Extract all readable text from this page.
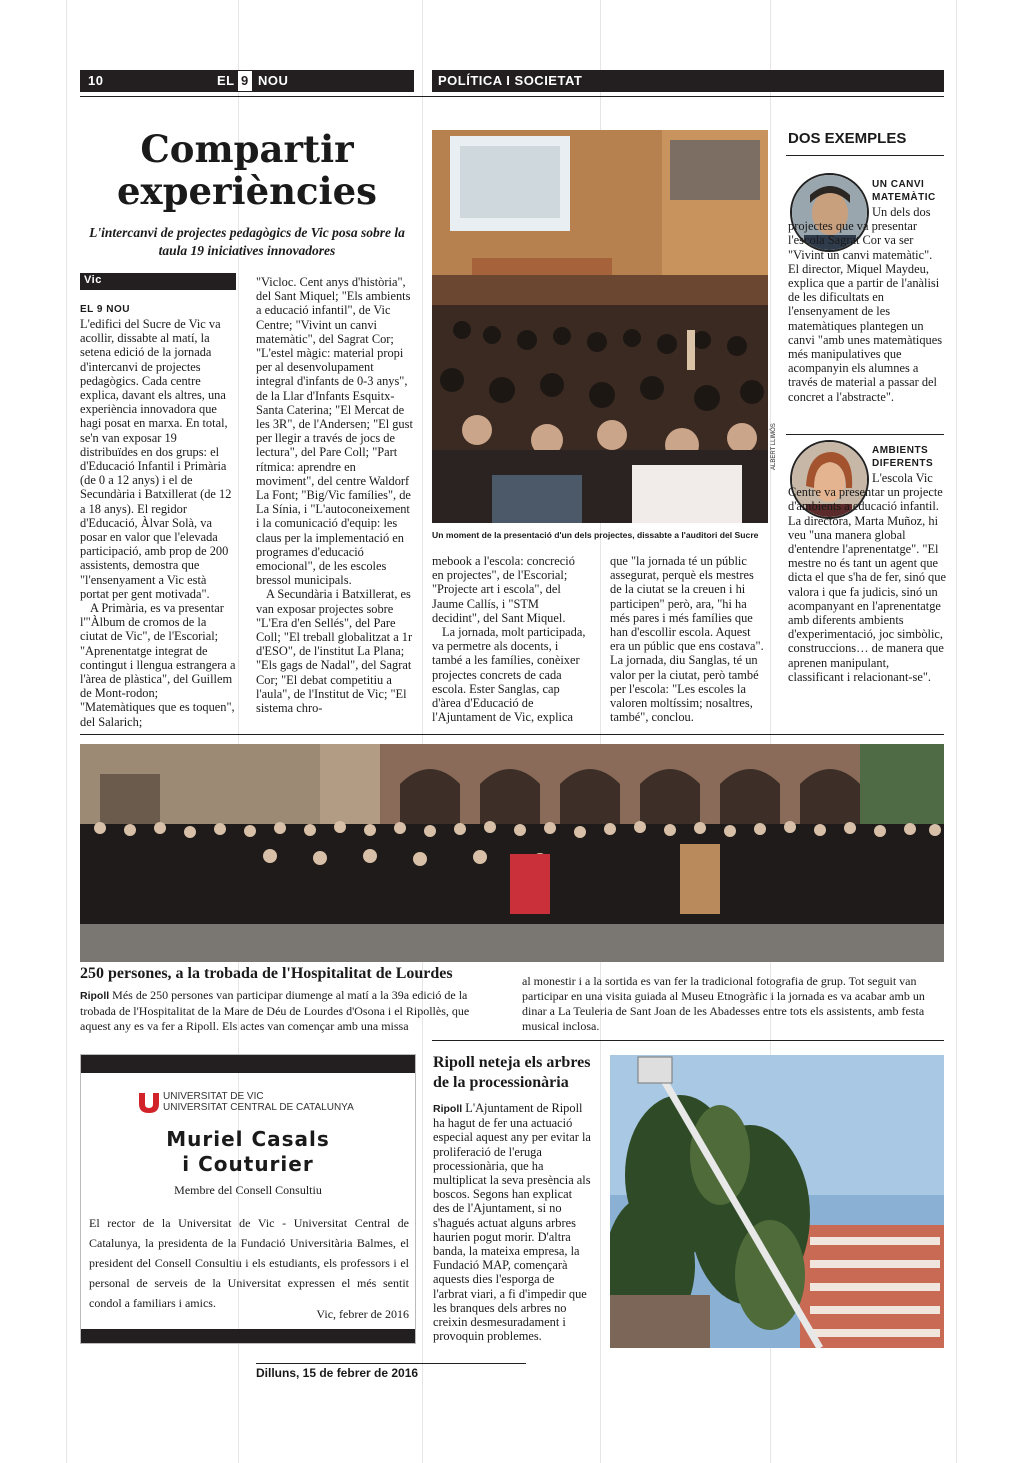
10	EL 9 NOU	POLÍTICA I SOCIETAT
Compartir
experiències
L'intercanvi de projectes pedagògics de Vic posa sobre la taula 19 iniciatives innovadores
Vic
EL 9 NOU

L'edifici del Sucre de Vic va acollir, dissabte al matí, la setena edició de la jornada d'intercanvi de projectes pedagògics. Cada centre explica, davant els altres, una experiència innovadora que hagi posat en marxa. En total, se'n van exposar 19 distribuïdes en dos grups: el d'Educació Infantil i Primària (de 0 a 12 anys) i el de Secundària i Batxillerat (de 12 a 18 anys). El regidor d'Educació, Àlvar Solà, va posar en valor que l'elevada participació, amb prop de 200 assistents, demostra que "l'ensenyament a Vic està portat per gent motivada".

A Primària, es va presentar l'"Àlbum de cromos de la ciutat de Vic", de l'Escorial; "Aprenentatge integrat de contingut i llengua estrangera a l'àrea de plàstica", del Guillem de Mont-rodon; "Matemàtiques que es toquen", del Salarich;

"Vicloc. Cent anys d'història", del Sant Miquel; "Els ambients a educació infantil", de Vic Centre; "Vivint un canvi matemàtic", del Sagrat Cor; "L'estel màgic: material propi per al desenvolupament integral d'infants de 0-3 anys", de la Llar d'Infants Esquitx-Santa Caterina; "El Mercat de les 3R", de l'Andersen; "El gust per llegir a través de jocs de lectura", del Pare Coll; "Part rítmica: aprendre en moviment", del centre Waldorf La Font; "Big/Vic famílies", de La Sínia, i "L'autoconeixement i la comunicació d'equip: les claus per la implementació en programes d'educació emocional", de les escoles bressol municipals.

A Secundària i Batxillerat, es van exposar projectes sobre "L'Era d'en Sellés", del Pare Coll; "El treball globalitzat a 1r d'ESO", de l'institut La Plana; "Els gags de Nadal", del Sagrat Cor; "El debat competitiu a l'aula", de l'Institut de Vic; "El sistema chro-

Un moment de la presentació d'un dels projectes, dissabte a l'auditori del Sucre
ALBERT LLIMÓS

mebook a l'escola: concreció en projectes", de l'Escorial; "Projecte art i escola", del Jaume Callís, i "STM decidint", del Sant Miquel.

La jornada, molt participada, va permetre als docents, i també a les famílies, conèixer projectes concrets de cada escola. Ester Sanglas, cap d'àrea d'Educació de l'Ajuntament de Vic, explica

que "la jornada té un públic assegurat, perquè els mestres de la ciutat se la creuen i hi participen" però, ara, "hi ha més pares i més famílies que han d'escollir escola. Aquest era un públic que ens costava". La jornada, diu Sanglas, té un valor per la ciutat, però també per l'escola: "Les escoles la valoren moltíssim; nosaltres, també", conclou.

DOS EXEMPLES
UN CANVI
MATEMÀTIC

Un dels dos projectes que va presentar l'escola Sagrat Cor va ser "Vivint un canvi matemàtic". El director, Miquel Maydeu, explica que a partir de l'anàlisi de les dificultats en l'ensenyament de les matemàtiques plantegen un canvi "amb unes matemàtiques més manipulatives que acompanyin els alumnes a través de material a passar del concret a l'abstracte".

AMBIENTS
DIFERENTS

L'escola Vic Centre va presentar un projecte d'ambients a educació infantil. La directora, Marta Muñoz, hi veu "una manera global d'entendre l'aprenentatge". "El mestre no és tant un agent que dicta el que s'ha de fer, sinó que valora i que fa judicis, sinó un acompanyant en l'aprenentatge amb diferents ambients d'experimentació, joc simbòlic, construccions… de manera que aprenen manipulant, classificant i relacionant-se".

250 persones, a la trobada de l'Hospitalitat de Lourdes
Ripoll Més de 250 persones van participar diumenge al matí a la 39a edició de la trobada de l'Hospitalitat de la Mare de Déu de Lourdes d'Osona i el Ripollès, que aquest any es va fer a Ripoll. Els actes van començar amb una missa
al monestir i a la sortida es van fer la tradicional fotografia de grup. Tot seguit van participar en una visita guiada al Museu Etnogràfic i la jornada es va acabar amb un dinar a La Teuleria de Sant Joan de les Abadesses entre tots els assistents, amb festa musical inclosa.
UNIVERSITAT DE VIC
UNIVERSITAT CENTRAL DE CATALUNYA
Muriel Casals
i Couturier
Membre del Consell Consultiu
El rector de la Universitat de Vic - Universitat Central de Catalunya, la presidenta de la Fundació Universitària Balmes, el president del Consell Consultiu i els estudiants, els professors i el personal de serveis de la Universitat expressen el més sentit condol a familiars i amics.
Vic, febrer de 2016
Ripoll neteja els arbres
de la processionària
Ripoll L'Ajuntament de Ripoll ha hagut de fer una actuació especial aquest any per evitar la proliferació de l'eruga processionària, que ha multiplicat la seva presència als boscos. Segons han explicat des de l'Ajuntament, si no s'hagués actuat alguns arbres haurien pogut morir. D'altra banda, la mateixa empresa, la Fundació MAP, començarà aquests dies l'esporga de l'arbrat viari, a fi d'impedir que les branques dels arbres no creixin desmesuradament i provoquin problemes.
Dilluns, 15 de febrer de 2016
